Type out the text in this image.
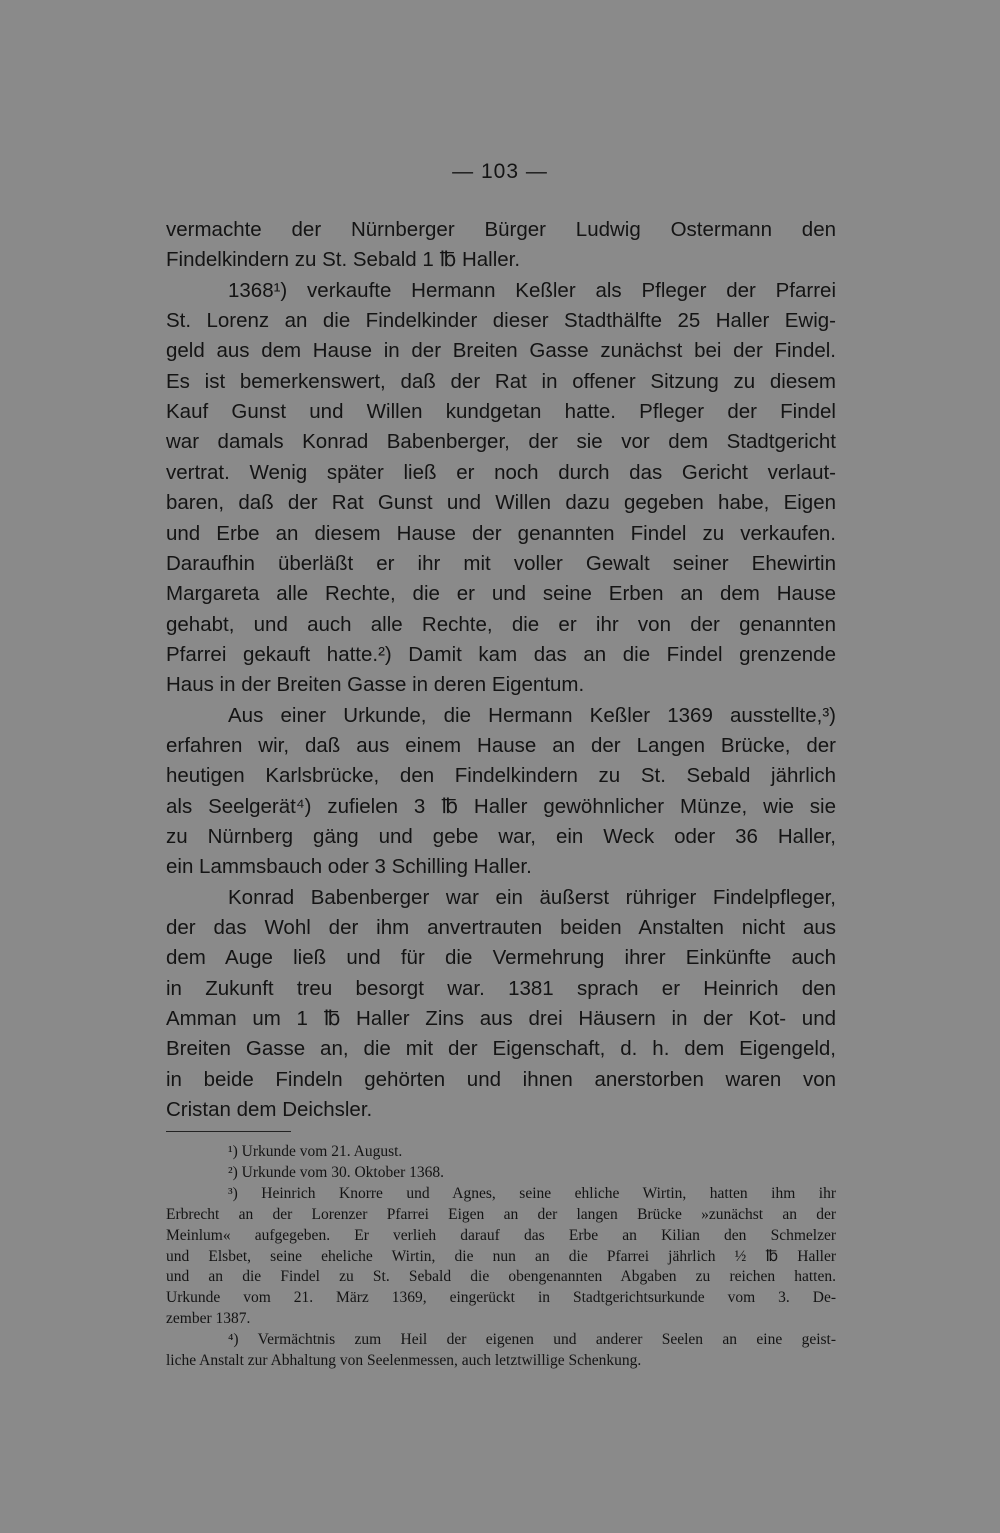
— 103 —
vermachte der Nürnberger Bürger Ludwig Ostermann den
Findelkindern zu St. Sebald 1 ℔ Haller.
1368¹) verkaufte Hermann Keßler als Pfleger der Pfarrei
St. Lorenz an die Findelkinder dieser Stadthälfte 25 Haller Ewig-
geld aus dem Hause in der Breiten Gasse zunächst bei der Findel.
Es ist bemerkenswert, daß der Rat in offener Sitzung zu diesem
Kauf Gunst und Willen kundgetan hatte. Pfleger der Findel
war damals Konrad Babenberger, der sie vor dem Stadtgericht
vertrat. Wenig später ließ er noch durch das Gericht verlaut-
baren, daß der Rat Gunst und Willen dazu gegeben habe, Eigen
und Erbe an diesem Hause der genannten Findel zu verkaufen.
Daraufhin überläßt er ihr mit voller Gewalt seiner Ehewirtin
Margareta alle Rechte, die er und seine Erben an dem Hause
gehabt, und auch alle Rechte, die er ihr von der genannten
Pfarrei gekauft hatte.²) Damit kam das an die Findel grenzende
Haus in der Breiten Gasse in deren Eigentum.
Aus einer Urkunde, die Hermann Keßler 1369 ausstellte,³)
erfahren wir, daß aus einem Hause an der Langen Brücke, der
heutigen Karlsbrücke, den Findelkindern zu St. Sebald jährlich
als Seelgerät⁴) zufielen 3 ℔ Haller gewöhnlicher Münze, wie sie
zu Nürnberg gäng und gebe war, ein Weck oder 36 Haller,
ein Lammsbauch oder 3 Schilling Haller.
Konrad Babenberger war ein äußerst rühriger Findelpfleger,
der das Wohl der ihm anvertrauten beiden Anstalten nicht aus
dem Auge ließ und für die Vermehrung ihrer Einkünfte auch
in Zukunft treu besorgt war. 1381 sprach er Heinrich den
Amman um 1 ℔ Haller Zins aus drei Häusern in der Kot- und
Breiten Gasse an, die mit der Eigenschaft, d. h. dem Eigengeld,
in beide Findeln gehörten und ihnen anerstorben waren von
Cristan dem Deichsler.
¹) Urkunde vom 21. August.
²) Urkunde vom 30. Oktober 1368.
³) Heinrich Knorre und Agnes, seine ehliche Wirtin, hatten ihm ihr
Erbrecht an der Lorenzer Pfarrei Eigen an der langen Brücke »zunächst an der
Meinlum« aufgegeben. Er verlieh darauf das Erbe an Kilian den Schmelzer
und Elsbet, seine eheliche Wirtin, die nun an die Pfarrei jährlich ½ ℔ Haller
und an die Findel zu St. Sebald die obengenannten Abgaben zu reichen hatten.
Urkunde vom 21. März 1369, eingerückt in Stadtgerichtsurkunde vom 3. De-
zember 1387.
⁴) Vermächtnis zum Heil der eigenen und anderer Seelen an eine geist-
liche Anstalt zur Abhaltung von Seelenmessen, auch letztwillige Schenkung.
